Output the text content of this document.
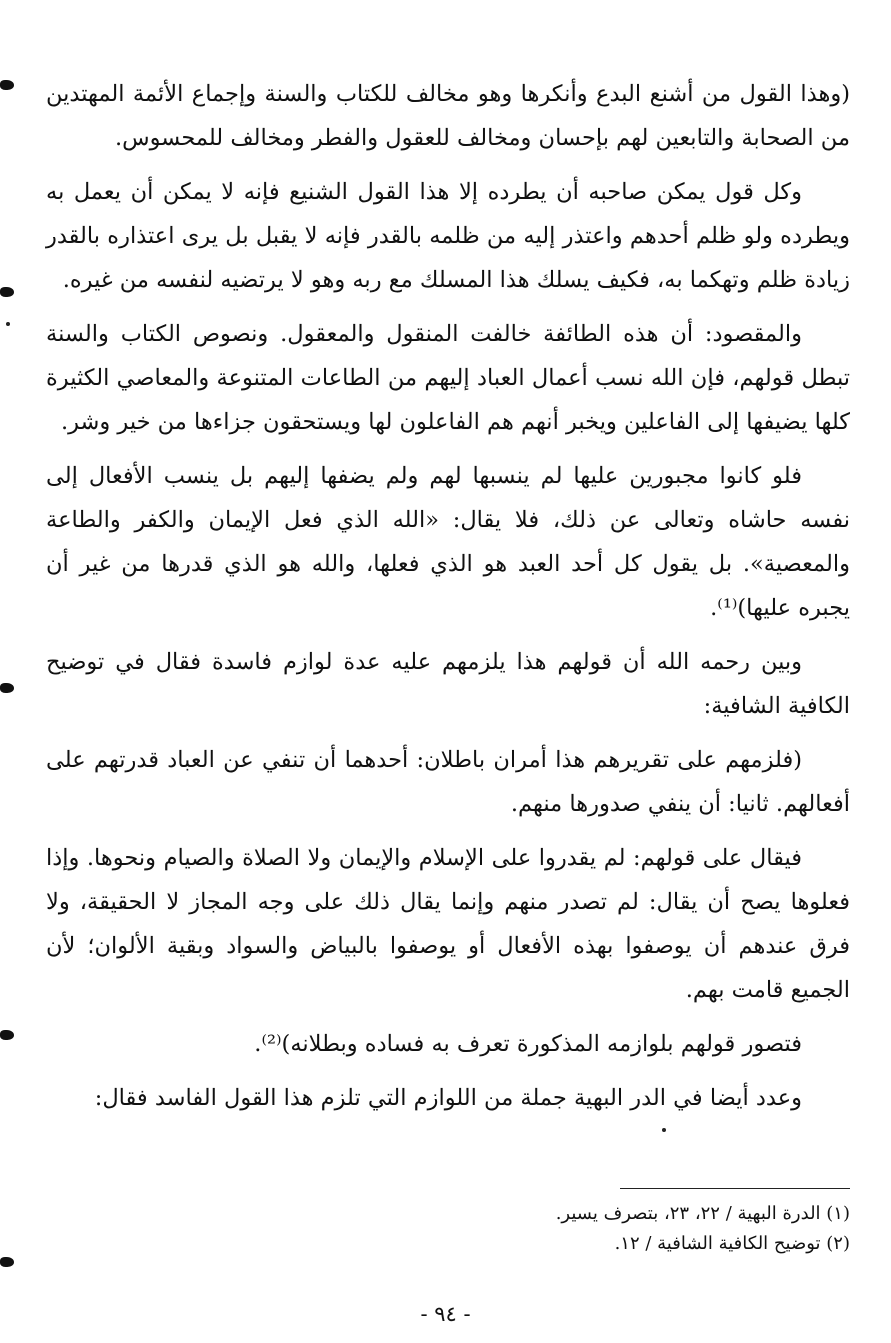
(وهذا القول من أشنع البدع وأنكرها وهو مخالف للكتاب والسنة وإجماع الأئمة المهتدين من الصحابة والتابعين لهم بإحسان ومخالف للعقول والفطر ومخالف للمحسوس.

وكل قول يمكن صاحبه أن يطرده إلا هذا القول الشنيع فإنه لا يمكن أن يعمل به ويطرده ولو ظلم أحدهم واعتذر إليه من ظلمه بالقدر فإنه لا يقبل بل يرى اعتذاره بالقدر زيادة ظلم وتهكما به، فكيف يسلك هذا المسلك مع ربه وهو لا يرتضيه لنفسه من غيره.

والمقصود: أن هذه الطائفة خالفت المنقول والمعقول. ونصوص الكتاب والسنة تبطل قولهم، فإن الله نسب أعمال العباد إليهم من الطاعات المتنوعة والمعاصي الكثيرة كلها يضيفها إلى الفاعلين ويخبر أنهم هم الفاعلون لها ويستحقون جزاءها من خير وشر.

فلو كانوا مجبورين عليها لم ينسبها لهم ولم يضفها إليهم بل ينسب الأفعال إلى نفسه حاشاه وتعالى عن ذلك، فلا يقال: «الله الذي فعل الإيمان والكفر والطاعة والمعصية». بل يقول كل أحد العبد هو الذي فعلها، والله هو الذي قدرها من غير أن يجبره عليها)⁽¹⁾.

وبين رحمه الله أن قولهم هذا يلزمهم عليه عدة لوازم فاسدة فقال في توضيح الكافية الشافية:

(فلزمهم على تقريرهم هذا أمران باطلان: أحدهما أن تنفي عن العباد قدرتهم على أفعالهم. ثانيا: أن ينفي صدورها منهم.

فيقال على قولهم: لم يقدروا على الإسلام والإيمان ولا الصلاة والصيام ونحوها. وإذا فعلوها يصح أن يقال: لم تصدر منهم وإنما يقال ذلك على وجه المجاز لا الحقيقة، ولا فرق عندهم أن يوصفوا بهذه الأفعال أو يوصفوا بالبياض والسواد وبقية الألوان؛ لأن الجميع قامت بهم.

فتصور قولهم بلوازمه المذكورة تعرف به فساده وبطلانه)⁽²⁾.

وعدد أيضا في الدر البهية جملة من اللوازم التي تلزم هذا القول الفاسد فقال:

(١) الدرة البهية / ٢٢، ٢٣، بتصرف يسير.

(٢) توضيح الكافية الشافية / ١٢.

- ٩٤ -
